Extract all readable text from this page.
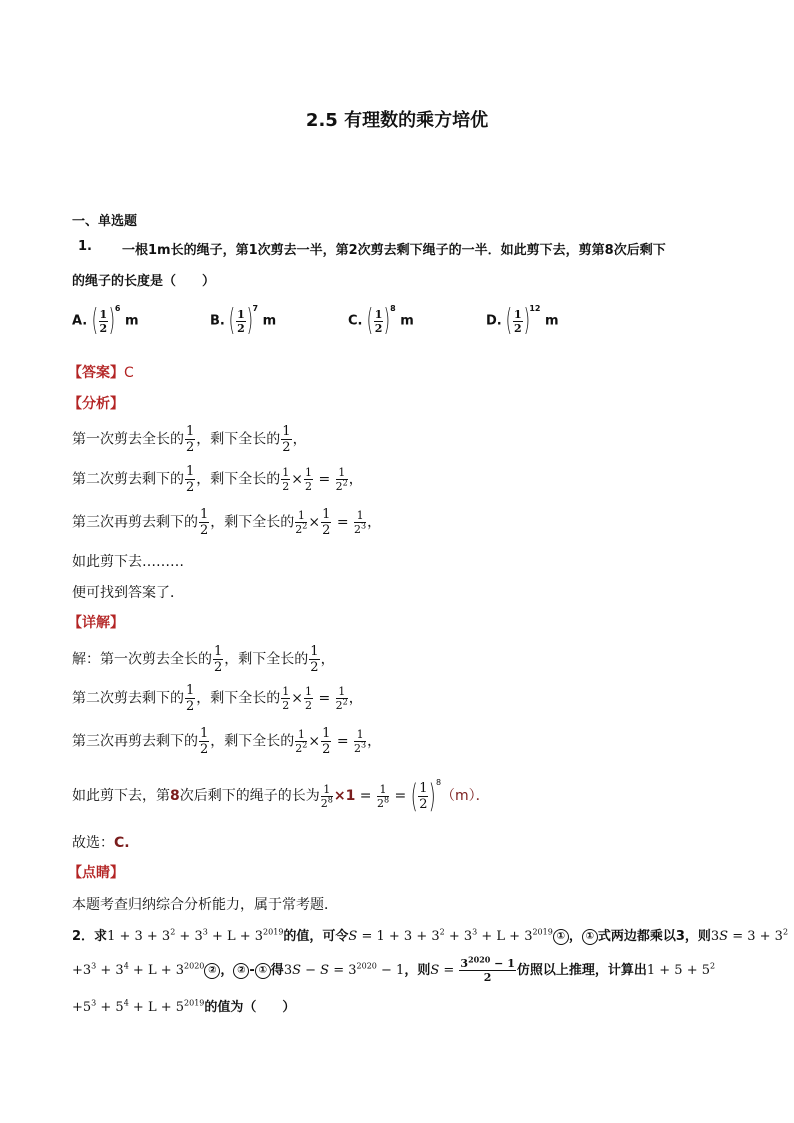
2.5 有理数的乘方培优
一、单选题
1. 一根1m长的绳子，第1次剪去一半，第2次剪去剩下绳子的一半．如此剪下去，剪第8次后剩下
的绳子的长度是（　　）
A. ( $\frac{1}{2} )^6$ m	B. ( $\frac{1}{2} )^7$ m	C. ( $\frac{1}{2} )^8$ m	D. ( $\frac{1}{2} )^{12}$ m
【答案】C
【分析】
第一次剪去全长的 $\frac{1}{2}$ ，剩下全长的 $\frac{1}{2}$ ，
第二次剪去剩下的 $\frac{1}{2}$ ，剩下全长的 $\frac{1}{2} \times \frac{1}{2} = \frac{1}{2^2}$ ，
第三次再剪去剩下的 $\frac{1}{2}$ ，剩下全长的 $\frac{1}{2^2} \times \frac{1}{2} = \frac{1}{2^3}$ ，
如此剪下去………
便可找到答案了．
【详解】
解：第一次剪去全长的 $\frac{1}{2}$ ，剩下全长的 $\frac{1}{2}$ ，
第二次剪去剩下的 $\frac{1}{2}$ ，剩下全长的 $\frac{1}{2} \times \frac{1}{2} = \frac{1}{2^2}$ ，
第三次再剪去剩下的 $\frac{1}{2}$ ，剩下全长的 $\frac{1}{2^2} \times \frac{1}{2} = \frac{1}{2^3}$ ，
如此剪下去，第8次后剩下的绳子的长为 $\frac{1}{2^8} \times 1 = \frac{1}{2^8}$ = ( $\frac{1}{2} )^8(m)$．
故选：C.
【点睛】
本题考查归纳综合分析能力，属于常考题．
2．求$1 + 3 + 3^2 + 3^3 + L + 3^{2019}$的值，可令$S = 1 + 3 + 3^2 + 3^3 + L + 3^{2019}$ ① ， ① 式两边都乘以3，则$3S = 3 + 3^2$
$+3^3 + 3^4 + L + 3^{2020}$ ② ， ② - ① 得$3S - S = 3^{2020} - 1$，则$S = \frac{3^{2020} - 1}{2}$ 仿照以上推理，计算出$1 + 5 + 5^2$
$+5^3 + 5^4 + L + 5^{2019}$的值为（　　）
